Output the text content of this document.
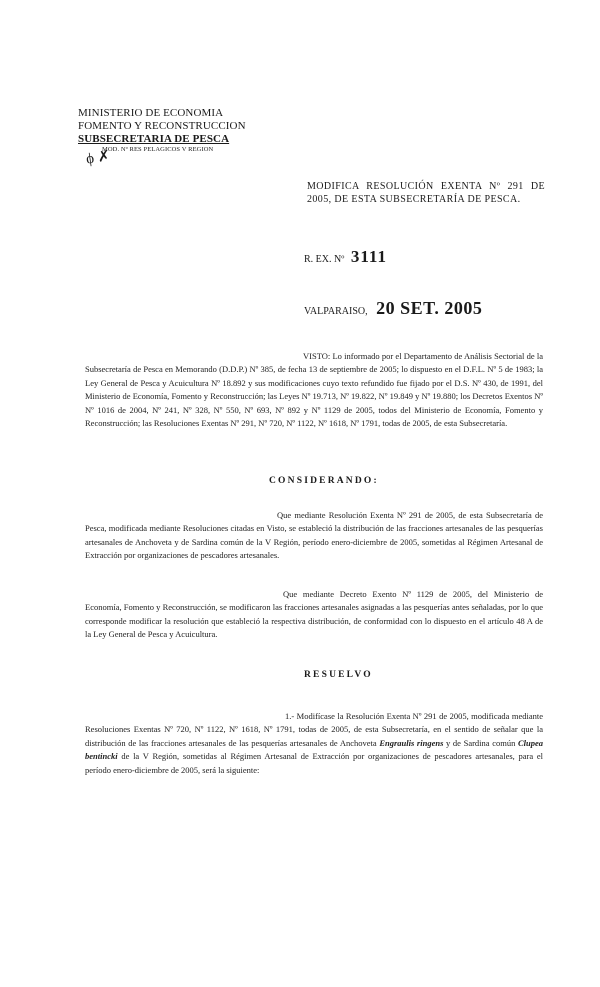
MINISTERIO DE ECONOMIA
FOMENTO Y RECONSTRUCCION
SUBSECRETARIA DE PESCA
MOD. Nº RES PELAGICOS V REGION
ϕ ✗
MODIFICA RESOLUCIÓN EXENTA Nº 291 DE 2005, DE ESTA SUBSECRETARÍA DE PESCA.
R. EX. Nº 3111
VALPARAISO, 20 SET. 2005
VISTO: Lo informado por el Departamento de Análisis Sectorial de la Subsecretaría de Pesca en Memorando (D.D.P.) Nº 385, de fecha 13 de septiembre de 2005; lo dispuesto en el D.F.L. Nº 5 de 1983; la Ley General de Pesca y Acuicultura Nº 18.892 y sus modificaciones cuyo texto refundido fue fijado por el D.S. Nº 430, de 1991, del Ministerio de Economía, Fomento y Reconstrucción; las Leyes Nº 19.713, Nº 19.822, Nº 19.849 y Nº 19.880; los Decretos Exentos Nº Nº 1016 de 2004, Nº 241, Nº 328, Nº 550, Nº 693, Nº 892 y Nº 1129 de 2005, todos del Ministerio de Economía, Fomento y Reconstrucción; las Resoluciones Exentas Nº 291, Nº 720, Nº 1122, Nº 1618, Nº 1791, todas de 2005, de esta Subsecretaría.
CONSIDERANDO:
Que mediante Resolución Exenta Nº 291 de 2005, de esta Subsecretaría de Pesca, modificada mediante Resoluciones citadas en Visto, se estableció la distribución de las fracciones artesanales de las pesquerías artesanales de Anchoveta y de Sardina común de la V Región, período enero-diciembre de 2005, sometidas al Régimen Artesanal de Extracción por organizaciones de pescadores artesanales.
Que mediante Decreto Exento Nº 1129 de 2005, del Ministerio de Economía, Fomento y Reconstrucción, se modificaron las fracciones artesanales asignadas a las pesquerías antes señaladas, por lo que corresponde modificar la resolución que estableció la respectiva distribución, de conformidad con lo dispuesto en el artículo 48 A de la Ley General de Pesca y Acuicultura.
RESUELVO
1.- Modifícase la Resolución Exenta Nº 291 de 2005, modificada mediante Resoluciones Exentas Nº 720, Nº 1122, Nº 1618, Nº 1791, todas de 2005, de esta Subsecretaría, en el sentido de señalar que la distribución de las fracciones artesanales de las pesquerías artesanales de Anchoveta Engraulis ringens y de Sardina común Clupea bentincki de la V Región, sometidas al Régimen Artesanal de Extracción por organizaciones de pescadores artesanales, para el período enero-diciembre de 2005, será la siguiente:
